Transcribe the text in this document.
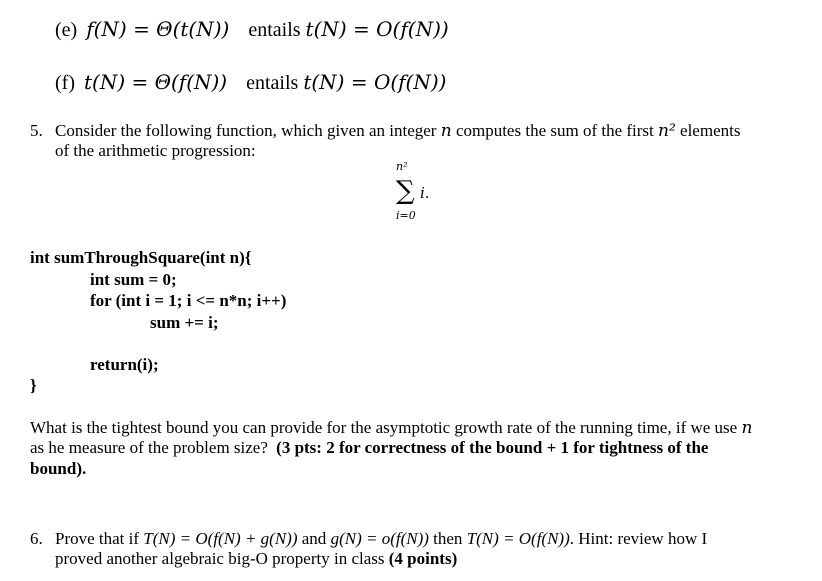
(e) f(N) = Θ(t(N)) entails t(N) = O(f(N))
(f) t(N) = Θ(f(N)) entails t(N) = O(f(N))
5. Consider the following function, which given an integer n computes the sum of the first n² elements
of the arithmetic progression:
n²
∑ i.
i=0
int sumThroughSquare(int n){
int sum = 0;
for (int i = 1; i <= n*n; i++)
sum += i;
return(i);
}
What is the tightest bound you can provide for the asymptotic growth rate of the running time, if we use n
as he measure of the problem size? (3 pts: 2 for correctness of the bound + 1 for tightness of the
bound).
6. Prove that if T(N) = O(f(N) + g(N)) and g(N) = o(f(N)) then T(N) = O(f(N)). Hint: review how I
proved another algebraic big-O property in class (4 points)
